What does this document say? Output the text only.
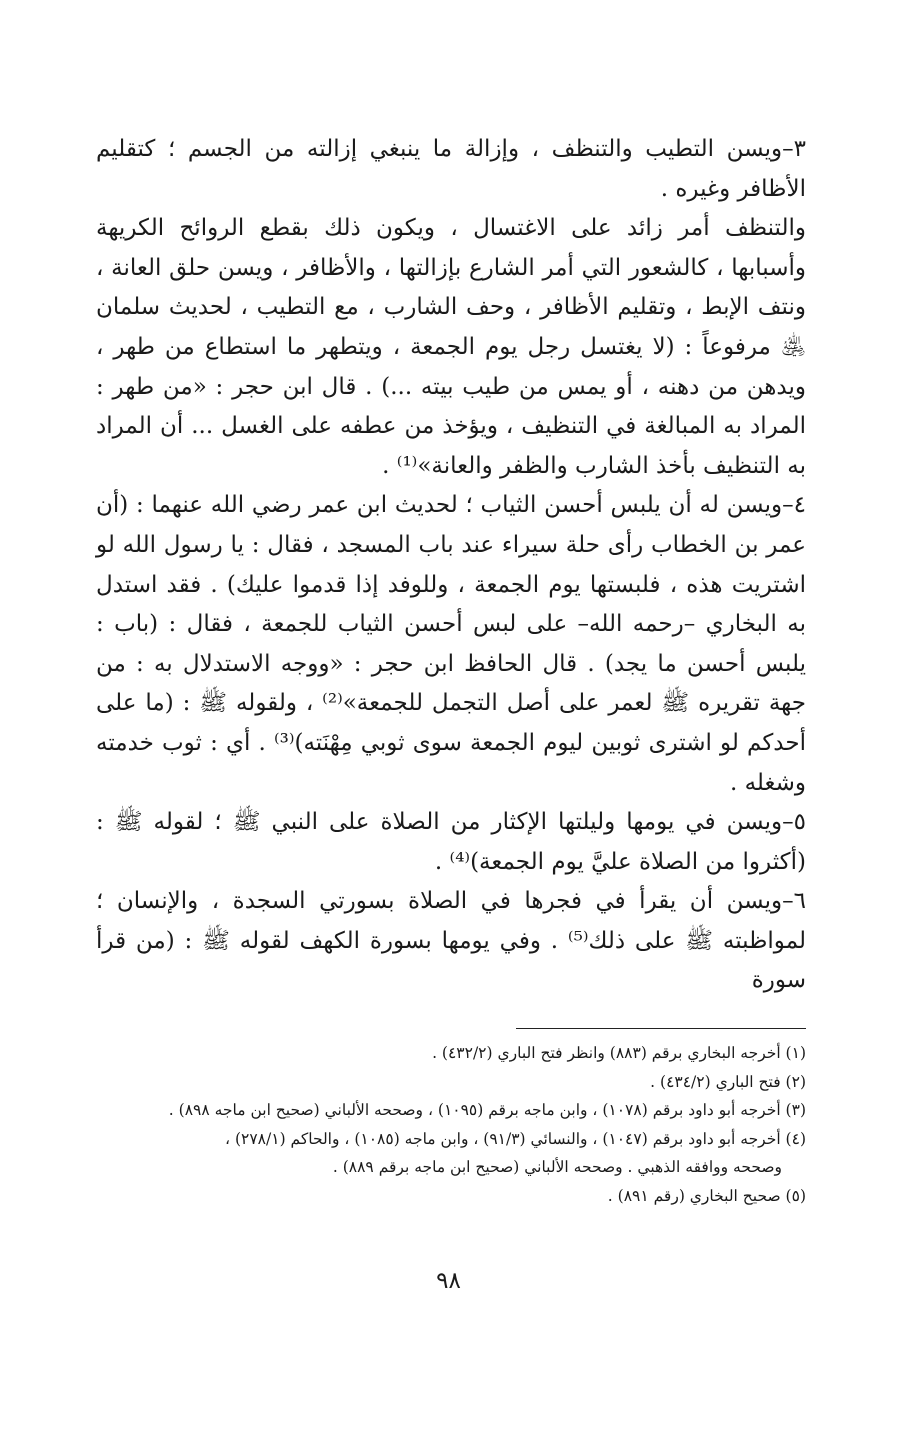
٣–ويسن التطيب والتنظف ، وإزالة ما ينبغي إزالته من الجسم ؛ كتقليم الأظافر وغيره .

والتنظف أمر زائد على الاغتسال ، ويكون ذلك بقطع الروائح الكريهة وأسبابها ، كالشعور التي أمر الشارع بإزالتها ، والأظافر ، ويسن حلق العانة ، ونتف الإبط ، وتقليم الأظافر ، وحف الشارب ، مع التطيب ، لحديث سلمان ﵁ مرفوعاً : (لا يغتسل رجل يوم الجمعة ، ويتطهر ما استطاع من طهر ، ويدهن من دهنه ، أو يمس من طيب بيته ...) . قال ابن حجر : «من طهر : المراد به المبالغة في التنظيف ، ويؤخذ من عطفه على الغسل ... أن المراد به التنظيف بأخذ الشارب والظفر والعانة»⁽¹⁾ .

٤–ويسن له أن يلبس أحسن الثياب ؛ لحديث ابن عمر رضي الله عنهما : (أن عمر بن الخطاب رأى حلة سيراء عند باب المسجد ، فقال : يا رسول الله لو اشتريت هذه ، فلبستها يوم الجمعة ، وللوفد إذا قدموا عليك) . فقد استدل به البخاري –رحمه الله– على لبس أحسن الثياب للجمعة ، فقال : (باب : يلبس أحسن ما يجد) . قال الحافظ ابن حجر : «ووجه الاستدلال به : من جهة تقريره ﷺ لعمر على أصل التجمل للجمعة»⁽²⁾ ، ولقوله ﷺ : (ما على أحدكم لو اشترى ثوبين ليوم الجمعة سوى ثوبي مِهْنَته)⁽³⁾ . أي : ثوب خدمته وشغله .

٥–ويسن في يومها وليلتها الإكثار من الصلاة على النبي ﷺ ؛ لقوله ﷺ : (أكثروا من الصلاة عليَّ يوم الجمعة)⁽⁴⁾ .

٦–ويسن أن يقرأ في فجرها في الصلاة بسورتي السجدة ، والإنسان ؛ لمواظبته ﷺ على ذلك⁽⁵⁾ . وفي يومها بسورة الكهف لقوله ﷺ : (من قرأ سورة

(١) أخرجه البخاري برقم (٨٨٣) وانظر فتح الباري (٤٣٢/٢) .

(٢) فتح الباري (٤٣٤/٢) .

(٣) أخرجه أبو داود برقم (١٠٧٨) ، وابن ماجه برقم (١٠٩٥) ، وصححه الألباني (صحيح ابن ماجه ٨٩٨) .

(٤) أخرجه أبو داود برقم (١٠٤٧) ، والنسائي (٩١/٣) ، وابن ماجه (١٠٨٥) ، والحاكم (٢٧٨/١) ،

وصححه ووافقه الذهبي . وصححه الألباني (صحيح ابن ماجه برقم ٨٨٩) .

(٥) صحيح البخاري (رقم ٨٩١) .

٩٨
